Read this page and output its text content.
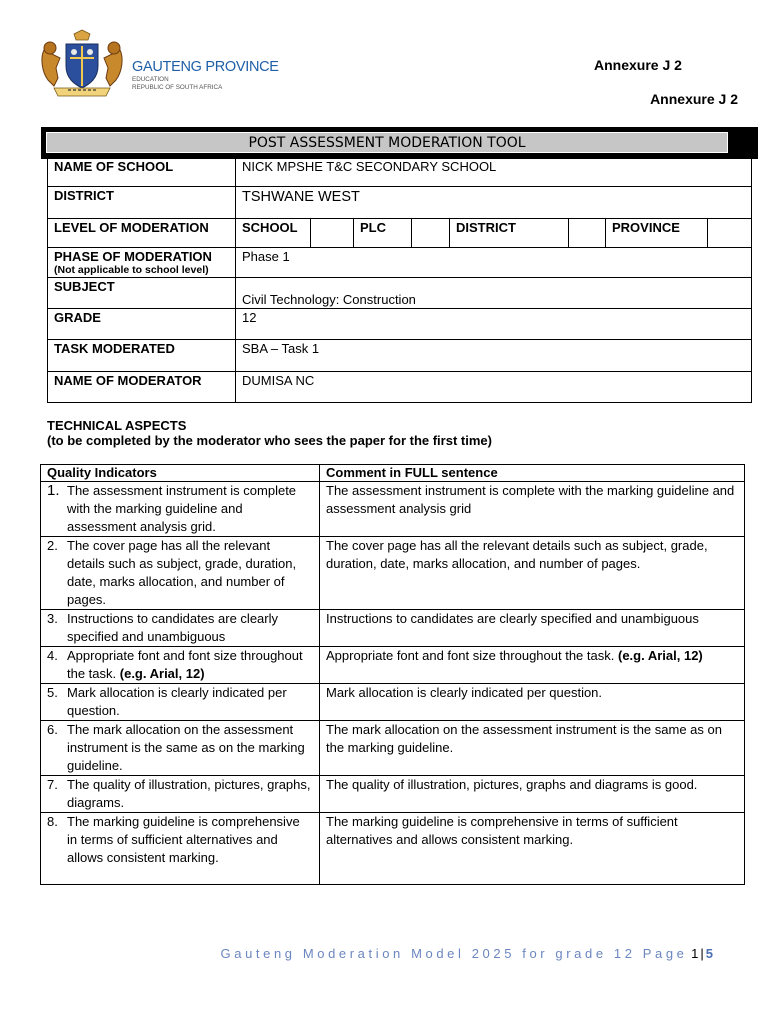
GAUTENG PROVINCE
EDUCATION
REPUBLIC OF SOUTH AFRICA
Annexure J 2
Annexure J 2
POST ASSESSMENT MODERATION TOOL
NAME OF SCHOOL	NICK MPSHE T&C SECONDARY SCHOOL							
DISTRICT	TSHWANE WEST							
LEVEL OF MODERATION	SCHOOL		PLC		DISTRICT		PROVINCE	
PHASE OF MODERATION
(Not applicable to school level)	Phase 1							
SUBJECT	Civil Technology: Construction							
GRADE	12							
TASK MODERATED	SBA – Task 1							
NAME OF MODERATOR	DUMISA NC							
TECHNICAL ASPECTS
(to be completed by the moderator who sees the paper for the first time)
Quality Indicators	Comment in FULL sentence
1. The assessment instrument is complete with the marking guideline and assessment analysis grid.	The assessment instrument is complete with the marking guideline and assessment analysis grid
2. The cover page has all the relevant details such as subject, grade, duration, date, marks allocation, and number of pages.	The cover page has all the relevant details such as subject, grade, duration, date, marks allocation, and number of pages.
3. Instructions to candidates are clearly specified and unambiguous	Instructions to candidates are clearly specified and unambiguous
4. Appropriate font and font size throughout the task. (e.g. Arial, 12)	Appropriate font and font size throughout the task. (e.g. Arial, 12)
5. Mark allocation is clearly indicated per question.	Mark allocation is clearly indicated per question.
6. The mark allocation on the assessment instrument is the same as on the marking guideline.	The mark allocation on the assessment instrument is the same as on the marking guideline.
7. The quality of illustration, pictures, graphs, diagrams.	The quality of illustration, pictures, graphs and diagrams is good.
8. The marking guideline is comprehensive in terms of sufficient alternatives and allows consistent marking.	The marking guideline is comprehensive in terms of sufficient alternatives and allows consistent marking.
Gauteng Moderation Model 2025 for grade 12 Page 1 | 5
